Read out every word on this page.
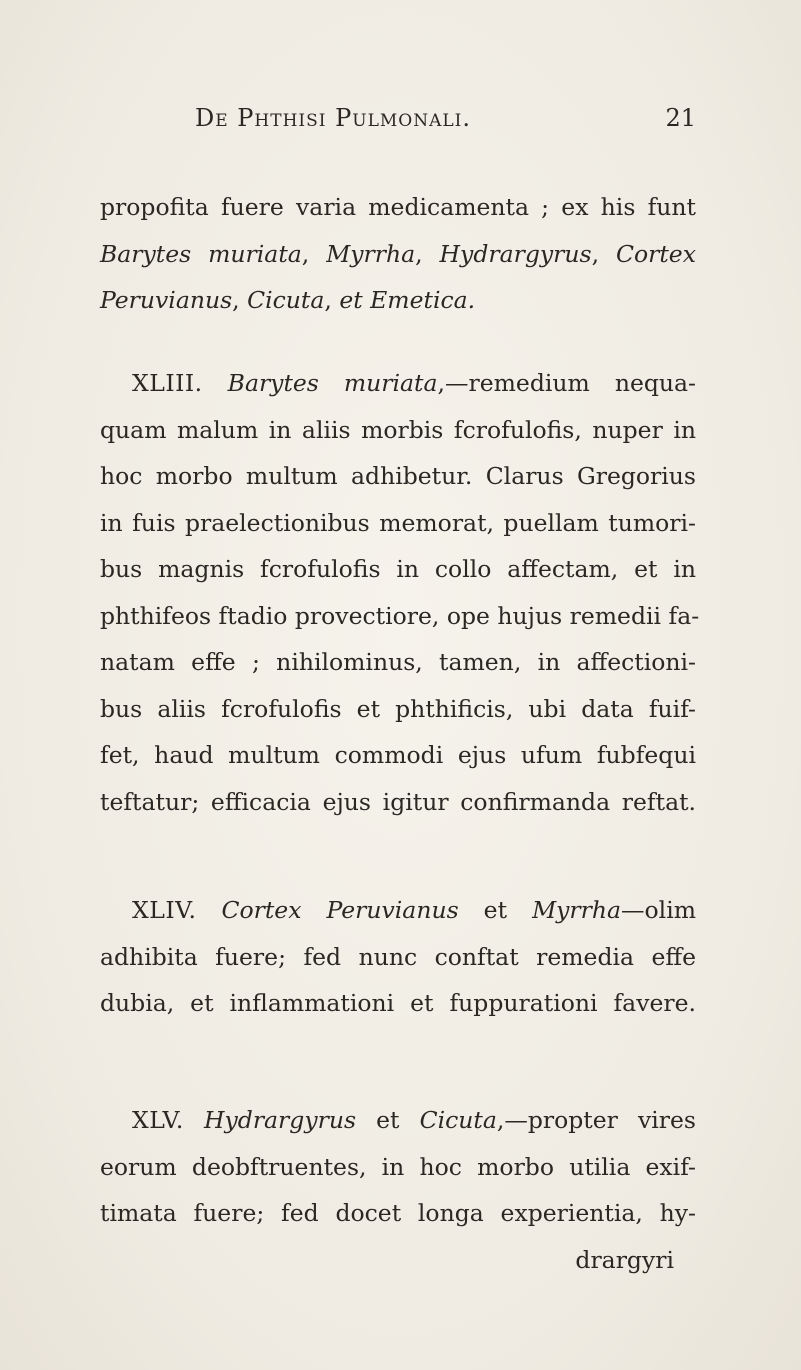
De Phthisi Pulmonali.	21
propofita fuere varia medicamenta ; ex his funt
Barytes muriata, Myrrha, Hydrargyrus, Cortex
Peruvianus, Cicuta, et Emetica.
XLIII. Barytes muriata,—remedium nequa-
quam malum in aliis morbis fcrofulofis, nuper in
hoc morbo multum adhibetur. Clarus Gregorius
in fuis praelectionibus memorat, puellam tumori-
bus magnis fcrofulofis in collo affectam, et in
phthifeos ftadio provectiore, ope hujus remedii fa-
natam effe ; nihilominus, tamen, in affectioni-
bus aliis fcrofulofis et phthificis, ubi data fuif-
fet, haud multum commodi ejus ufum fubfequi
teftatur; efficacia ejus igitur confirmanda reftat.
XLIV. Cortex Peruvianus et Myrrha—olim
adhibita fuere; fed nunc conftat remedia effe
dubia, et inflammationi et fuppurationi favere.
XLV. Hydrargyrus et Cicuta,—propter vires
eorum deobftruentes, in hoc morbo utilia exif-
timata fuere; fed docet longa experientia, hy-
drargyri
